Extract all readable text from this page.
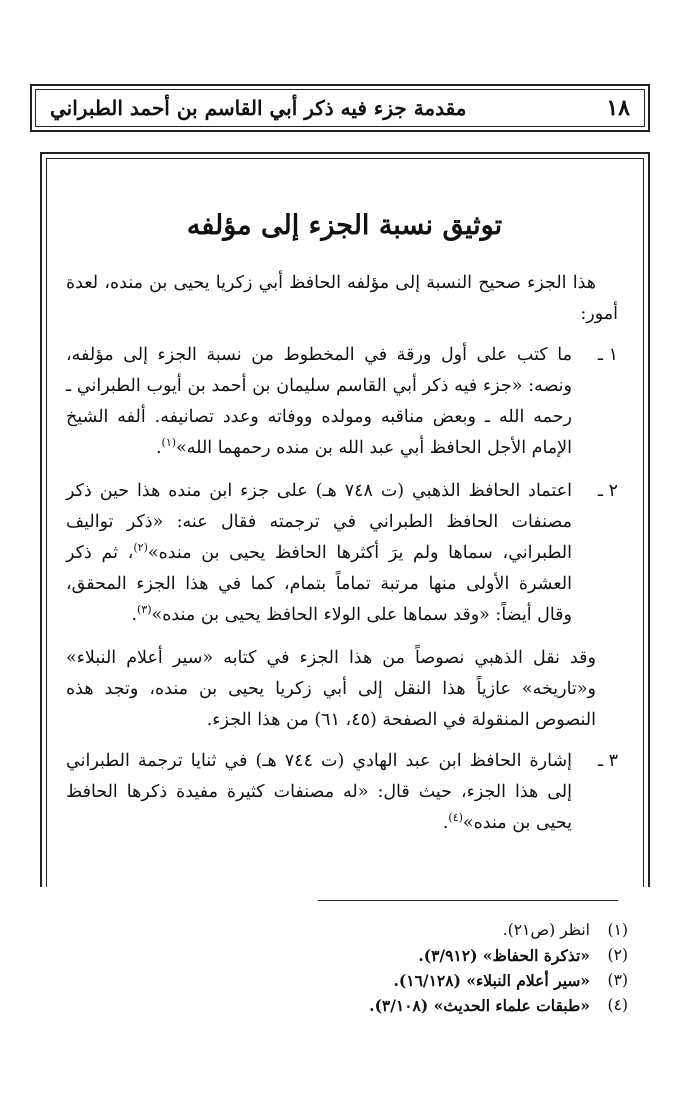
١٨
مقدمة جزء فيه ذكر أبي القاسم بن أحمد الطبراني
توثيق نسبة الجزء إلى مؤلفه

هذا الجزء صحيح النسبة إلى مؤلفه الحافظ أبي زكريا يحيى بن منده، لعدة أمور:

١ ـ
ما كتب على أول ورقة في المخطوط من نسبة الجزء إلى مؤلفه، ونصه: «جزء فيه ذكر أبي القاسم سليمان بن أحمد بن أيوب الطبراني ـ رحمه الله ـ وبعض مناقبه ومولده ووفاته وعدد تصانيفه. ألفه الشيخ الإمام الأجل الحافظ أبي عبد الله بن منده رحمهما الله»$^{(١)}$.

٢ ـ
اعتماد الحافظ الذهبي (ت ٧٤٨ هـ) على جزء ابن منده هذا حين ذكر مصنفات الحافظ الطبراني في ترجمته فقال عنه: «ذكر تواليف الطبراني، سماها ولم يرَ أكثرها الحافظ يحيى بن منده»$^{(٢)}$، ثم ذكر العشرة الأولى منها مرتبة تماماً بتمام، كما في هذا الجزء المحقق، وقال أيضاً: «وقد سماها على الولاء الحافظ يحيى بن منده»$^{(٣)}$.

وقد نقل الذهبي نصوصاً من هذا الجزء في كتابه «سير أعلام النبلاء» و«تاريخه» عازياً هذا النقل إلى أبي زكريا يحيى بن منده، وتجد هذه النصوص المنقولة في الصفحة (٤٥، ٦١) من هذا الجزء.

٣ ـ
إشارة الحافظ ابن عبد الهادي (ت ٧٤٤ هـ) في ثنايا ترجمة الطبراني إلى هذا الجزء، حيث قال: «له مصنفات كثيرة مفيدة ذكرها الحافظ يحيى بن منده»$^{(٤)}$.

(١)
انظر (ص٢١).
(٢)
«تذكرة الحفاظ» (٣/٩١٢).
(٣)
«سير أعلام النبلاء» (١٦/١٢٨).
(٤)
«طبقات علماء الحديث» (٣/١٠٨).
